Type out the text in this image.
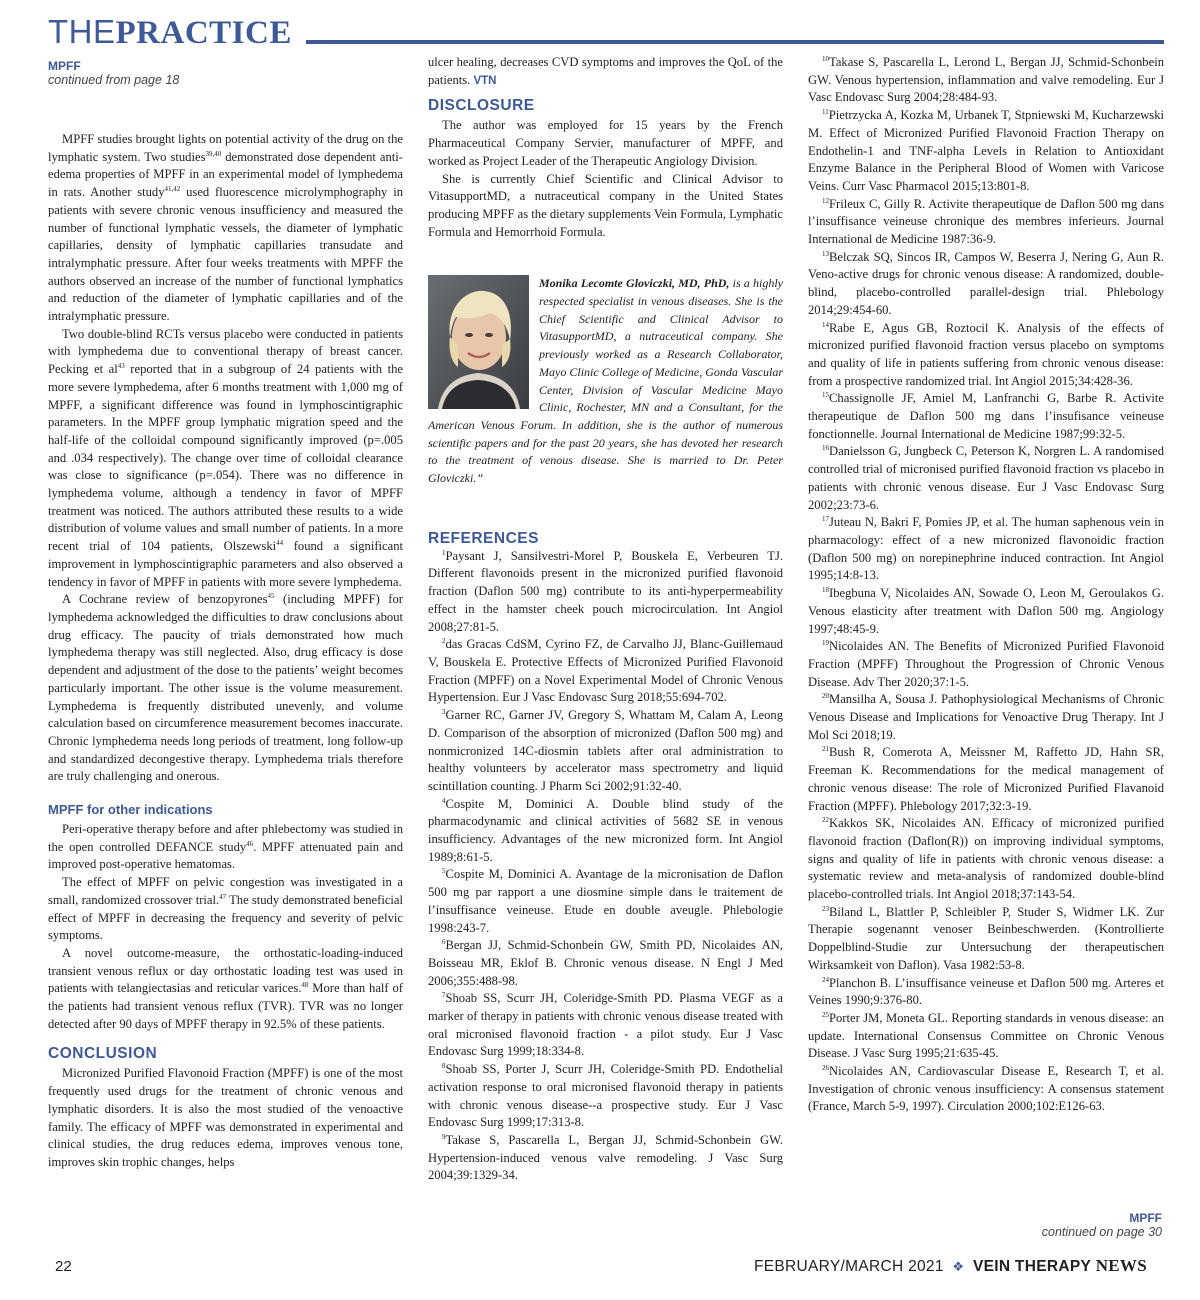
THEPRACTICE
MPFF
continued from page 18

MPFF studies brought lights on potential activity of the drug on the lymphatic system. Two studies$^{39,40}$ demonstrated dose dependent anti-edema properties of MPFF in an experimental model of lymphedema in rats. Another study$^{41,42}$ used fluorescence microlymphography in patients with severe chronic venous insufficiency and measured the number of functional lymphatic vessels, the diameter of lymphatic capillaries, density of lymphatic capillaries transudate and intralymphatic pressure. After four weeks treatments with MPFF the authors observed an increase of the number of functional lymphatics and reduction of the diameter of lymphatic capillaries and of the intralymphatic pressure.

Two double-blind RCTs versus placebo were conducted in patients with lymphedema due to conventional therapy of breast cancer. Pecking et $al^{43}$ reported that in a subgroup of 24 patients with the more severe lymphedema, after 6 months treatment with 1,000 mg of MPFF, a significant difference was found in lymphoscintigraphic parameters. In the MPFF group lymphatic migration speed and the half-life of the colloidal compound significantly improved (p=.005 and .034 respectively). The change over time of colloidal clearance was close to significance (p=.054). There was no difference in lymphedema volume, although a tendency in favor of MPFF treatment was noticed. The authors attributed these results to a wide distribution of volume values and small number of patients. In a more recent trial of 104 patients, Olszewski$^{44}$ found a significant improvement in lymphoscintigraphic parameters and also observed a tendency in favor of MPFF in patients with more severe lymphedema.

A Cochrane review of benzopyrones$^{45}$ (including MPFF) for lymphedema acknowledged the difficulties to draw conclusions about drug efficacy. The paucity of trials demonstrated how much lymphedema therapy was still neglected. Also, drug efficacy is dose dependent and adjustment of the dose to the patients’ weight becomes particularly important. The other issue is the volume measurement. Lymphedema is frequently distributed unevenly, and volume calculation based on circumference measurement becomes inaccurate. Chronic lymphedema needs long periods of treatment, long follow-up and standardized decongestive therapy. Lymphedema trials therefore are truly challenging and onerous.

MPFF for other indications

Peri-operative therapy before and after phlebectomy was studied in the open controlled DEFANCE study$^{46}$. MPFF attenuated pain and improved post-operative hematomas.

The effect of MPFF on pelvic congestion was investigated in a small, randomized crossover trial.$^{47}$ The study demonstrated beneficial effect of MPFF in decreasing the frequency and severity of pelvic symptoms.

A novel outcome-measure, the orthostatic-loading-induced transient venous reflux or day orthostatic loading test was used in patients with telangiectasias and reticular varices.$^{48}$ More than half of the patients had transient venous reflux (TVR). TVR was no longer detected after 90 days of MPFF therapy in 92.5% of these patients.

CONCLUSION

Micronized Purified Flavonoid Fraction (MPFF) is one of the most frequently used drugs for the treatment of chronic venous and lymphatic disorders. It is also the most studied of the venoactive family. The efficacy of MPFF was demonstrated in experimental and clinical studies, the drug reduces edema, improves venous tone, improves skin trophic changes, helps

ulcer healing, decreases CVD symptoms and improves the QoL of the patients. VTN

DISCLOSURE

The author was employed for 15 years by the French Pharmaceutical Company Servier, manufacturer of MPFF, and worked as Project Leader of the Therapeutic Angiology Division.

She is currently Chief Scientific and Clinical Advisor to VitasupportMD, a nutraceutical company in the United States producing MPFF as the dietary supplements Vein Formula, Lymphatic Formula and Hemorrhoid Formula.

Monika Lecomte Gloviczki, MD, PhD, is a highly respected specialist in venous diseases. She is the Chief Scientific and Clinical Advisor to VitasupportMD, a nutraceutical company. She previously worked as a Research Collaborator, Mayo Clinic College of Medicine, Gonda Vascular Center, Division of Vascular Medicine Mayo Clinic, Rochester, MN and a Consultant, for the American Venous Forum. In addition, she is the author of numerous scientific papers and for the past 20 years, she has devoted her research to the treatment of venous disease. She is married to Dr. Peter Gloviczki.”

REFERENCES

$^1$Paysant J, Sansilvestri-Morel P, Bouskela E, Verbeuren TJ. Different flavonoids present in the micronized purified flavonoid fraction (Daflon 500 mg) contribute to its anti-hyperpermeability effect in the hamster cheek pouch microcirculation. Int Angiol 2008;27:81-5.

$^2$das Gracas CdSM, Cyrino FZ, de Carvalho JJ, Blanc-Guillemaud V, Bouskela E. Protective Effects of Micronized Purified Flavonoid Fraction (MPFF) on a Novel Experimental Model of Chronic Venous Hypertension. Eur J Vasc Endovasc Surg 2018;55:694-702.

$^3$Garner RC, Garner JV, Gregory S, Whattam M, Calam A, Leong D. Comparison of the absorption of micronized (Daflon 500 mg) and nonmicronized 14C-diosmin tablets after oral administration to healthy volunteers by accelerator mass spectrometry and liquid scintillation counting. J Pharm Sci 2002;91:32-40.

$^4$Cospite M, Dominici A. Double blind study of the pharmacodynamic and clinical activities of 5682 SE in venous insufficiency. Advantages of the new micronized form. Int Angiol 1989;8:61-5.

$^5$Cospite M, Dominici A. Avantage de la micronisation de Daflon 500 mg par rapport a une diosmine simple dans le traitement de l’insuffisance veineuse. Etude en double aveugle. Phlebologie 1998:243-7.

$^6$Bergan JJ, Schmid-Schonbein GW, Smith PD, Nicolaides AN, Boisseau MR, Eklof B. Chronic venous disease. N Engl J Med 2006;355:488-98.

$^7$Shoab SS, Scurr JH, Coleridge-Smith PD. Plasma VEGF as a marker of therapy in patients with chronic venous disease treated with oral micronised flavonoid fraction - a pilot study. Eur J Vasc Endovasc Surg 1999;18:334-8.

$^8$Shoab SS, Porter J, Scurr JH, Coleridge-Smith PD. Endothelial activation response to oral micronised flavonoid therapy in patients with chronic venous disease--a prospective study. Eur J Vasc Endovasc Surg 1999;17:313-8.

$^9$Takase S, Pascarella L, Bergan JJ, Schmid-Schonbein GW. Hypertension-induced venous valve remodeling. J Vasc Surg 2004;39:1329-34.

$^{10}$Takase S, Pascarella L, Lerond L, Bergan JJ, Schmid-Schonbein GW. Venous hypertension, inflammation and valve remodeling. Eur J Vasc Endovasc Surg 2004;28:484-93.

$^{11}$Pietrzycka A, Kozka M, Urbanek T, Stpniewski M, Kucharzewski M. Effect of Micronized Purified Flavonoid Fraction Therapy on Endothelin-1 and TNF-alpha Levels in Relation to Antioxidant Enzyme Balance in the Peripheral Blood of Women with Varicose Veins. Curr Vasc Pharmacol 2015;13:801-8.

$^{12}$Frileux C, Gilly R. Activite therapeutique de Daflon 500 mg dans l’insuffisance veineuse chronique des membres inferieurs. Journal International de Medicine 1987:36-9.

$^{13}$Belczak SQ, Sincos IR, Campos W, Beserra J, Nering G, Aun R. Veno-active drugs for chronic venous disease: A randomized, double-blind, placebo-controlled parallel-design trial. Phlebology 2014;29:454-60.

$^{14}$Rabe E, Agus GB, Roztocil K. Analysis of the effects of micronized purified flavonoid fraction versus placebo on symptoms and quality of life in patients suffering from chronic venous disease: from a prospective randomized trial. Int Angiol 2015;34:428-36.

$^{15}$Chassignolle JF, Amiel M, Lanfranchi G, Barbe R. Activite therapeutique de Daflon 500 mg dans l’insufisance veineuse fonctionnelle. Journal International de Medicine 1987;99:32-5.

$^{16}$Danielsson G, Jungbeck C, Peterson K, Norgren L. A randomised controlled trial of micronised purified flavonoid fraction vs placebo in patients with chronic venous disease. Eur J Vasc Endovasc Surg 2002;23:73-6.

$^{17}$Juteau N, Bakri F, Pomies JP, et al. The human saphenous vein in pharmacology: effect of a new micronized flavonoidic fraction (Daflon 500 mg) on norepinephrine induced contraction. Int Angiol 1995;14:8-13.

$^{18}$Ibegbuna V, Nicolaides AN, Sowade O, Leon M, Geroulakos G. Venous elasticity after treatment with Daflon 500 mg. Angiology 1997;48:45-9.

$^{19}$Nicolaides AN. The Benefits of Micronized Purified Flavonoid Fraction (MPFF) Throughout the Progression of Chronic Venous Disease. Adv Ther 2020;37:1-5.

$^{20}$Mansilha A, Sousa J. Pathophysiological Mechanisms of Chronic Venous Disease and Implications for Venoactive Drug Therapy. Int J Mol Sci 2018;19.

$^{21}$Bush R, Comerota A, Meissner M, Raffetto JD, Hahn SR, Freeman K. Recommendations for the medical management of chronic venous disease: The role of Micronized Purified Flavanoid Fraction (MPFF). Phlebology 2017;32:3-19.

$^{22}$Kakkos SK, Nicolaides AN. Efficacy of micronized purified flavonoid fraction (Daflon(R)) on improving individual symptoms, signs and quality of life in patients with chronic venous disease: a systematic review and meta-analysis of randomized double-blind placebo-controlled trials. Int Angiol 2018;37:143-54.

$^{23}$Biland L, Blattler P, Schleibler P, Studer S, Widmer LK. Zur Therapie sogenannt venoser Beinbeschwerden. (Kontrollierte Doppelblind-Studie zur Untersuchung der therapeutischen Wirksamkeit von Daflon). Vasa 1982:53-8.

$^{24}$Planchon B. L’insuffisance veineuse et Daflon 500 mg. Arteres et Veines 1990;9:376-80.

$^{25}$Porter JM, Moneta GL. Reporting standards in venous disease: an update. International Consensus Committee on Chronic Venous Disease. J Vasc Surg 1995;21:635-45.

$^{26}$Nicolaides AN, Cardiovascular Disease E, Research T, et al. Investigation of chronic venous insufficiency: A consensus statement (France, March 5-9, 1997). Circulation 2000;102:E126-63.

MPFF
continued on page 30
22	FEBRUARY/MARCH 2021 ❖ VEIN THERAPY NEWS
